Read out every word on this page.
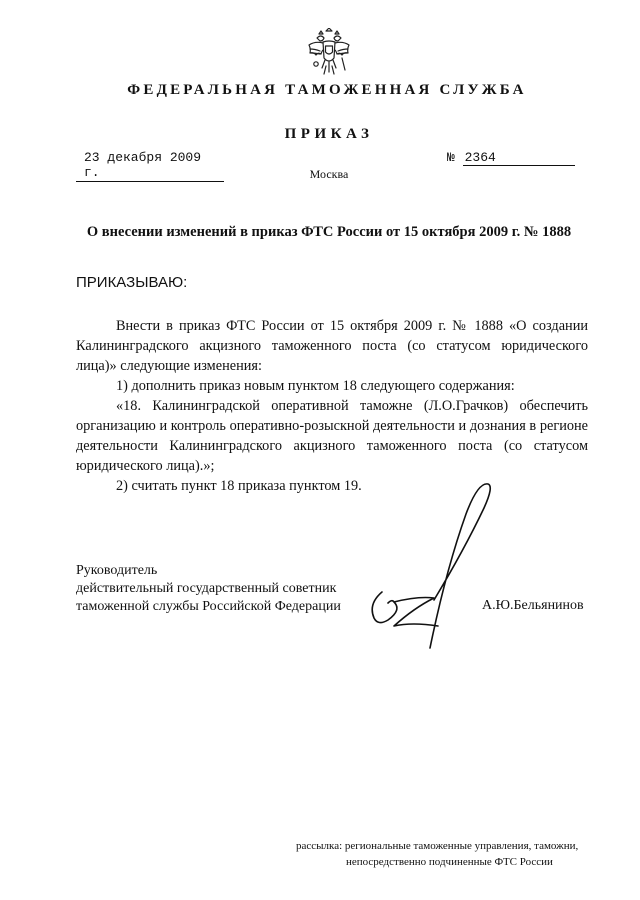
ФЕДЕРАЛЬНАЯ ТАМОЖЕННАЯ СЛУЖБА
ПРИКАЗ
23 декабря 2009 г.
№ 2364
Москва
О внесении изменений в приказ ФТС России от 15 октября 2009 г. № 1888
ПРИКАЗЫВАЮ:

Внести в приказ ФТС России от 15 октября 2009 г. № 1888 «О создании Калининградского акцизного таможенного поста (со статусом юридического лица)» следующие изменения:

1) дополнить приказ новым пунктом 18 следующего содержания:

«18. Калининградской оперативной таможне (Л.О.Грачков) обеспечить организацию и контроль оперативно-розыскной деятельности и дознания в регионе деятельности Калининградского акцизного таможенного поста (со статусом юридического лица).»;

2) считать пункт 18 приказа пунктом 19.

Руководитель
действительный государственный советник
таможенной службы Российской Федерации	А.Ю.Бельянинов
рассылка: региональные таможенные управления, таможни,
непосредственно подчиненные ФТС России
